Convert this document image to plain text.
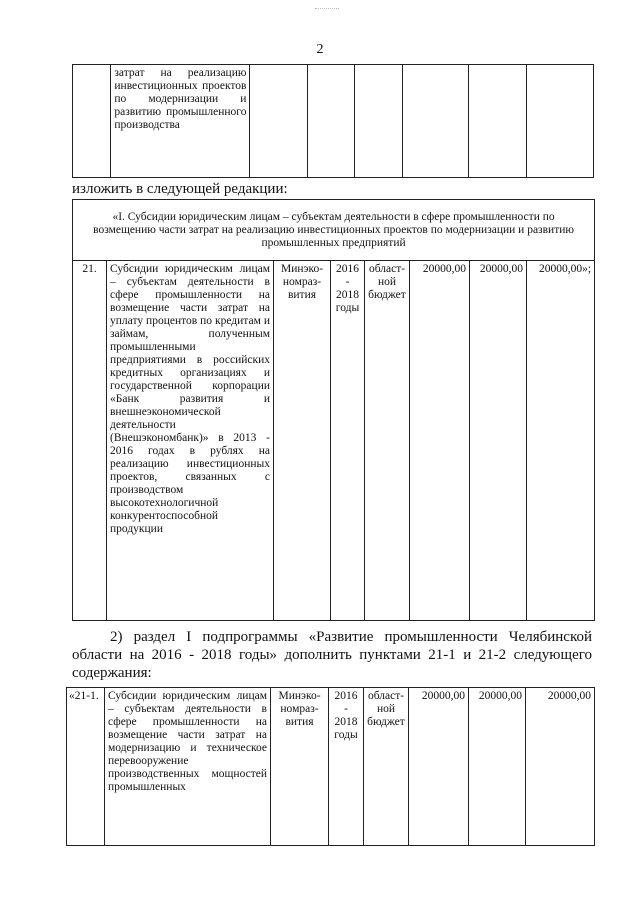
2
	затрат на реализацию инвестиционных проектов по модернизации и развитию промышленного производства						
изложить в следующей редакции:
«I. Субсидии юридическим лицам – субъектам деятельности в сфере промышленности по возмещению части затрат на реализацию инвестиционных проектов по модернизации и развитию промышленных предприятий
21.	Субсидии юридическим лицам – субъектам деятельности в сфере промышленности на возмещение части затрат на уплату процентов по кредитам и займам, полученным промышленными предприятиями в российских кредитных организациях и государственной корпорации «Банк развития и внешнеэкономической деятельности (Внешэкономбанк)» в 2013 - 2016 годах в рублях на реализацию инвестиционных проектов, связанных с производством высокотехнологичной конкурентоспособной продукции	Минэко-номраз-вития	2016 - 2018 годы	област-ной бюджет	20000,00	20000,00	20000,00»;
2) раздел I подпрограммы «Развитие промышленности Челябинской области на 2016 - 2018 годы» дополнить пунктами 21-1 и 21-2 следующего содержания:
«21-1.	Субсидии юридическим лицам – субъектам деятельности в сфере промышленности на возмещение части затрат на модернизацию и техническое перевооружение производственных мощностей промышленных	Минэко-номраз-вития	2016 - 2018 годы	област-ной бюджет	20000,00	20000,00	20000,00
